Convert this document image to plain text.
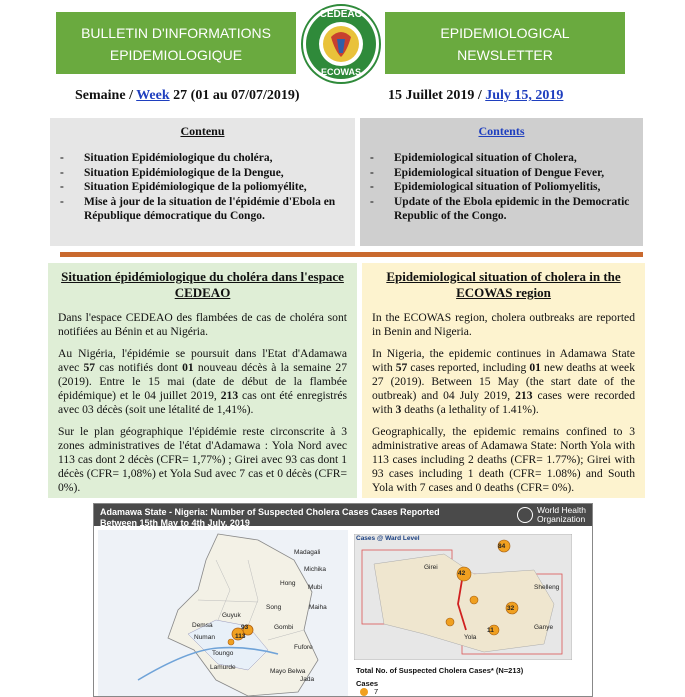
BULLETIN D'INFORMATIONS
EPIDEMIOLOGIQUE
CEDEAO
ECOWAS
EPIDEMIOLOGICAL
NEWSLETTER
Semaine / Week 27 (01 au 07/07/2019)	15 Juillet 2019 / July 15, 2019
Contenu
- Situation Epidémiologique du choléra,
- Situation Epidémiologique de la Dengue,
- Situation Epidémiologique de la poliomyélite,
- Mise à jour de la situation de l'épidémie d'Ebola en République démocratique du Congo.
Contents
- Epidemiological situation of Cholera,
- Epidemiological situation of Dengue Fever,
- Epidemiological situation of Poliomyelitis,
- Update of the Ebola epidemic in the Democratic Republic of the Congo.
Situation épidémiologique du choléra dans l'espace CEDEAO

Dans l'espace CEDEAO des flambées de cas de choléra sont notifiées au Bénin et au Nigéria.

Au Nigéria, l'épidémie se poursuit dans l'Etat d'Adamawa avec 57 cas notifiés dont 01 nouveau décès à la semaine 27 (2019). Entre le 15 mai (date de début de la flambée épidémique) et le 04 juillet 2019, 213 cas ont été enregistrés avec 03 décès (soit une létalité de 1,41%).

Sur le plan géographique l'épidémie reste circonscrite à 3 zones administratives de l'état d'Adamawa : Yola Nord avec 113 cas dont 2 décès (CFR= 1,77%) ; Girei avec 93 cas dont 1 décès (CFR= 1,08%) et Yola Sud avec 7 cas et 0 décès (CFR= 0%).

Epidemiological situation of cholera in the ECOWAS region

In the ECOWAS region, cholera outbreaks are reported in Benin and Nigeria.

In Nigeria, the epidemic continues in Adamawa State with 57 cases reported, including 01 new deaths at week 27 (2019). Between 15 May (the start date of the outbreak) and 04 July 2019, 213 cases were recorded with 3 deaths (a lethality of 1.41%).

Geographically, the epidemic remains confined to 3 administrative areas of Adamawa State: North Yola with 113 cases including 2 deaths (CFR= 1.77%); Girei with 93 cases including 1 death (CFR= 1.08%) and South Yola with 7 cases and 0 deaths (CFR= 0%).

Adamawa State - Nigeria: Number of Suspected Cholera Cases Cases Reported
Between 15th May to 4th July, 2019
World Health
Organization
113
93
Madagali
Michika
Mubi
Hong
Song
Gombi
Maiha
Toungo
Numan
Demsa
Guyuk
Lamurde
Fufore
Mayo Belwa
Jada
Cases @ Ward Level
84
42
32
11
Girei
Yola
Ganye
Shelleng
Total No. of Suspected Cholera Cases* (N=213)
Cases
7
